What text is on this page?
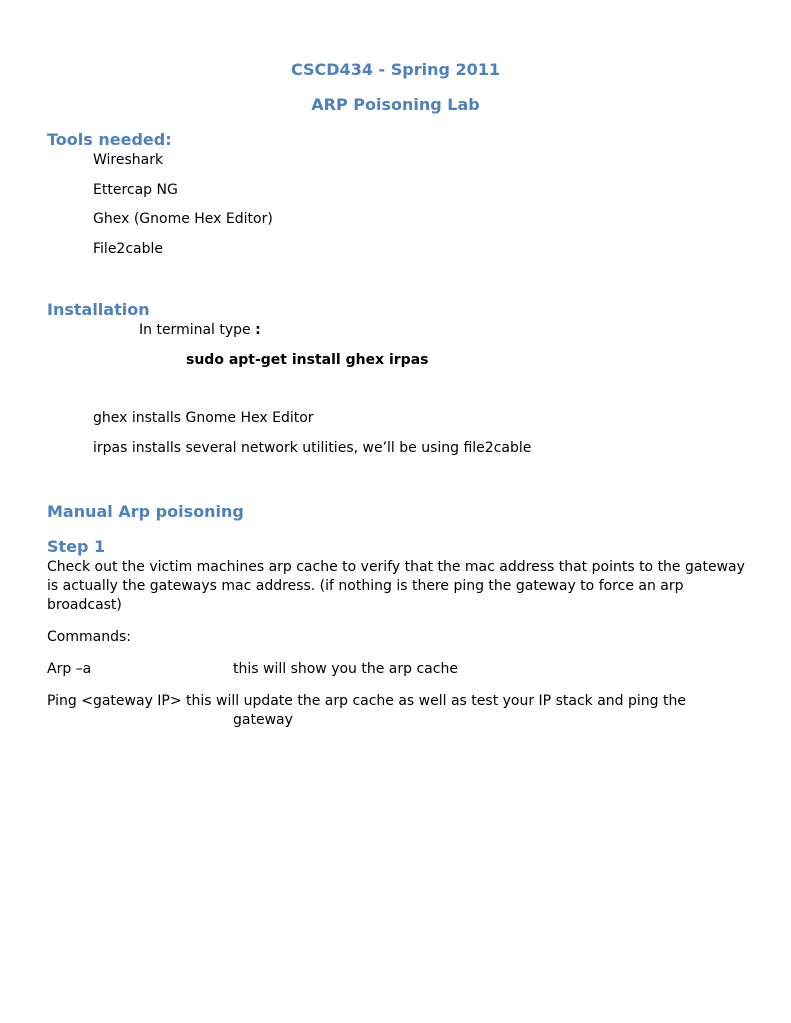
CSCD434 - Spring 2011
ARP Poisoning Lab
Tools needed:
Wireshark
Ettercap NG
Ghex (Gnome Hex Editor)
File2cable
Installation
In terminal type :
sudo apt-get install ghex irpas
ghex installs Gnome Hex Editor
irpas installs several network utilities, we’ll be using file2cable
Manual Arp poisoning
Step 1
Check out the victim machines arp cache to verify that the mac address that points to the gateway is actually the gateways mac address. (if nothing is there ping the gateway to force an arp broadcast)
Commands:
Arp –a	this will show you the arp cache
Ping <gateway IP> this will update the arp cache as well as test your IP stack and ping the
gateway
